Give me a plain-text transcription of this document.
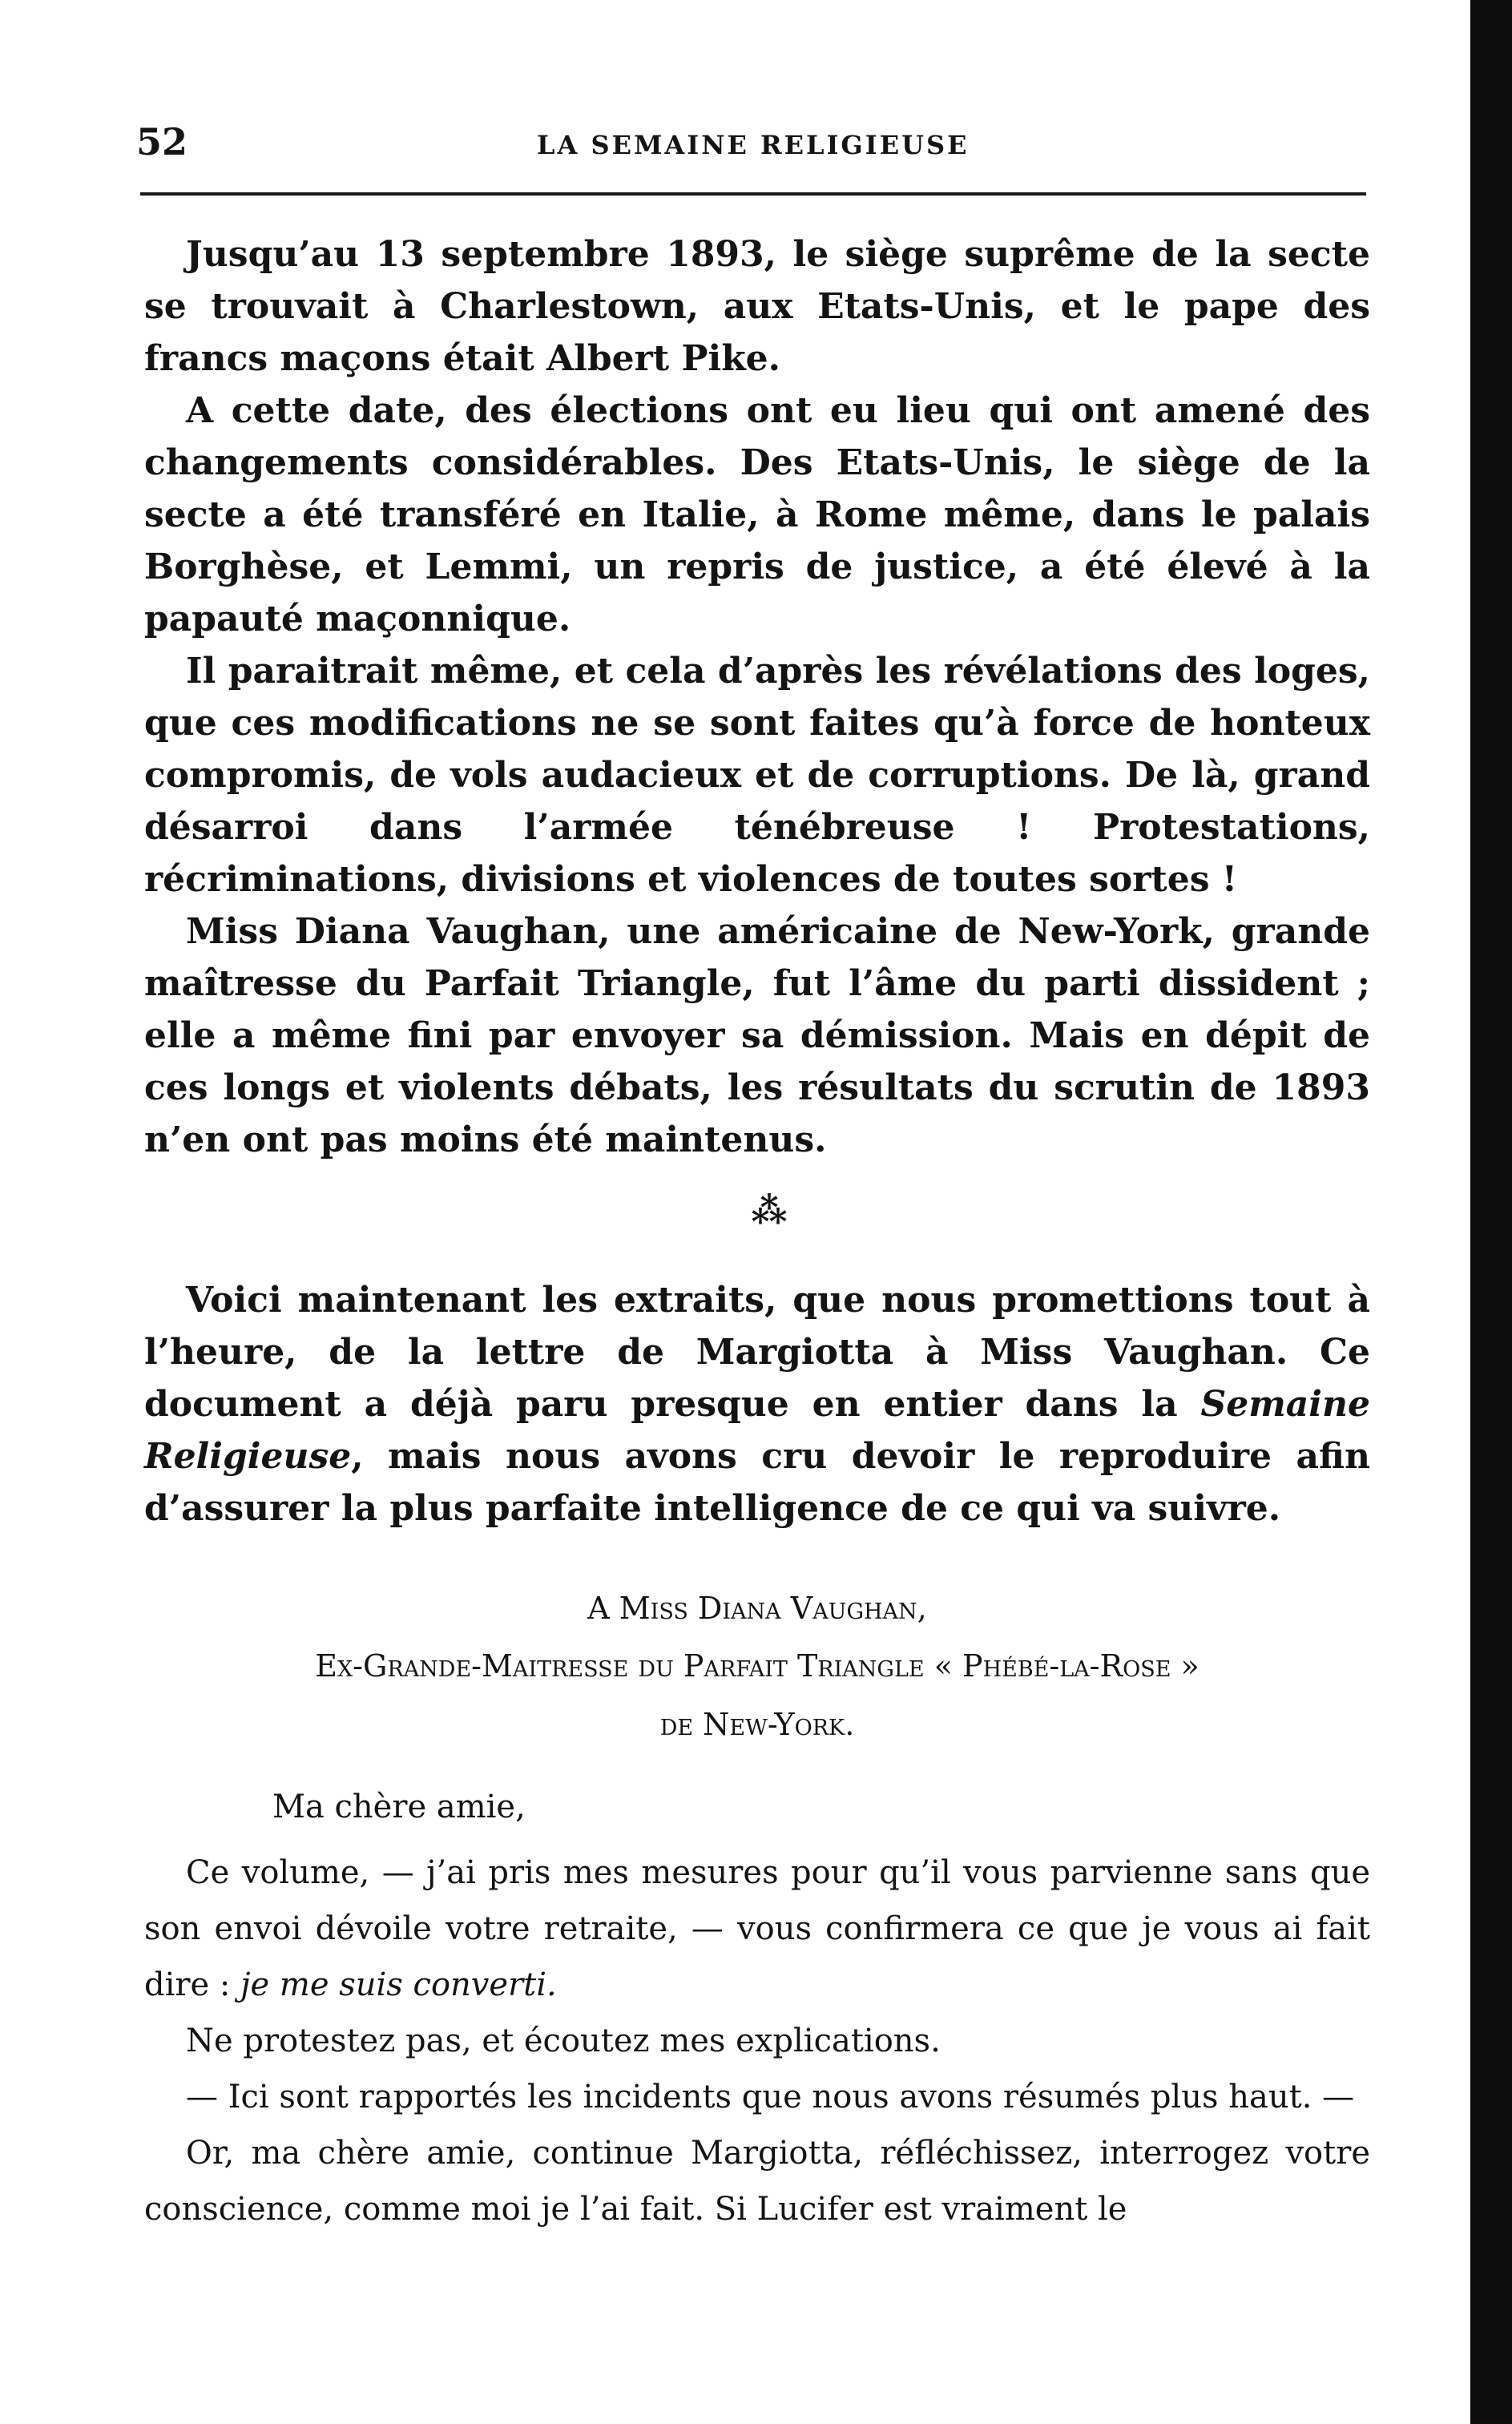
52	LA SEMAINE RELIGIEUSE

Jusqu’au 13 septembre 1893, le siège suprême de la secte se trouvait à Charlestown, aux Etats-Unis, et le pape des francs maçons était Albert Pike.

A cette date, des élections ont eu lieu qui ont amené des changements considérables. Des Etats-Unis, le siège de la secte a été transféré en Italie, à Rome même, dans le palais Borghèse, et Lemmi, un repris de justice, a été élevé à la papauté maçonnique.

Il paraitrait même, et cela d’après les révélations des loges, que ces modifications ne se sont faites qu’à force de honteux compromis, de vols audacieux et de corruptions. De là, grand désarroi dans l’armée ténébreuse ! Protestations, récriminations, divisions et violences de toutes sortes !

Miss Diana Vaughan, une américaine de New-York, grande maîtresse du Parfait Triangle, fut l’âme du parti dissident ; elle a même fini par envoyer sa démission. Mais en dépit de ces longs et violents débats, les résultats du scrutin de 1893 n’en ont pas moins été maintenus.

⁂

Voici maintenant les extraits, que nous promettions tout à l’heure, de la lettre de Margiotta à Miss Vaughan. Ce document a déjà paru presque en entier dans la Semaine Religieuse, mais nous avons cru devoir le reproduire afin d’assurer la plus parfaite intelligence de ce qui va suivre.

A Miss Diana Vaughan,
Ex-Grande-Maitresse du Parfait Triangle « Phébé-la-Rose »
de New-York.

Ma chère amie,

Ce volume, — j’ai pris mes mesures pour qu’il vous parvienne sans que son envoi dévoile votre retraite, — vous confirmera ce que je vous ai fait dire : je me suis converti.

Ne protestez pas, et écoutez mes explications.

— Ici sont rapportés les incidents que nous avons résumés plus haut. —

Or, ma chère amie, continue Margiotta, réfléchissez, interrogez votre conscience, comme moi je l’ai fait. Si Lucifer est vraiment le
